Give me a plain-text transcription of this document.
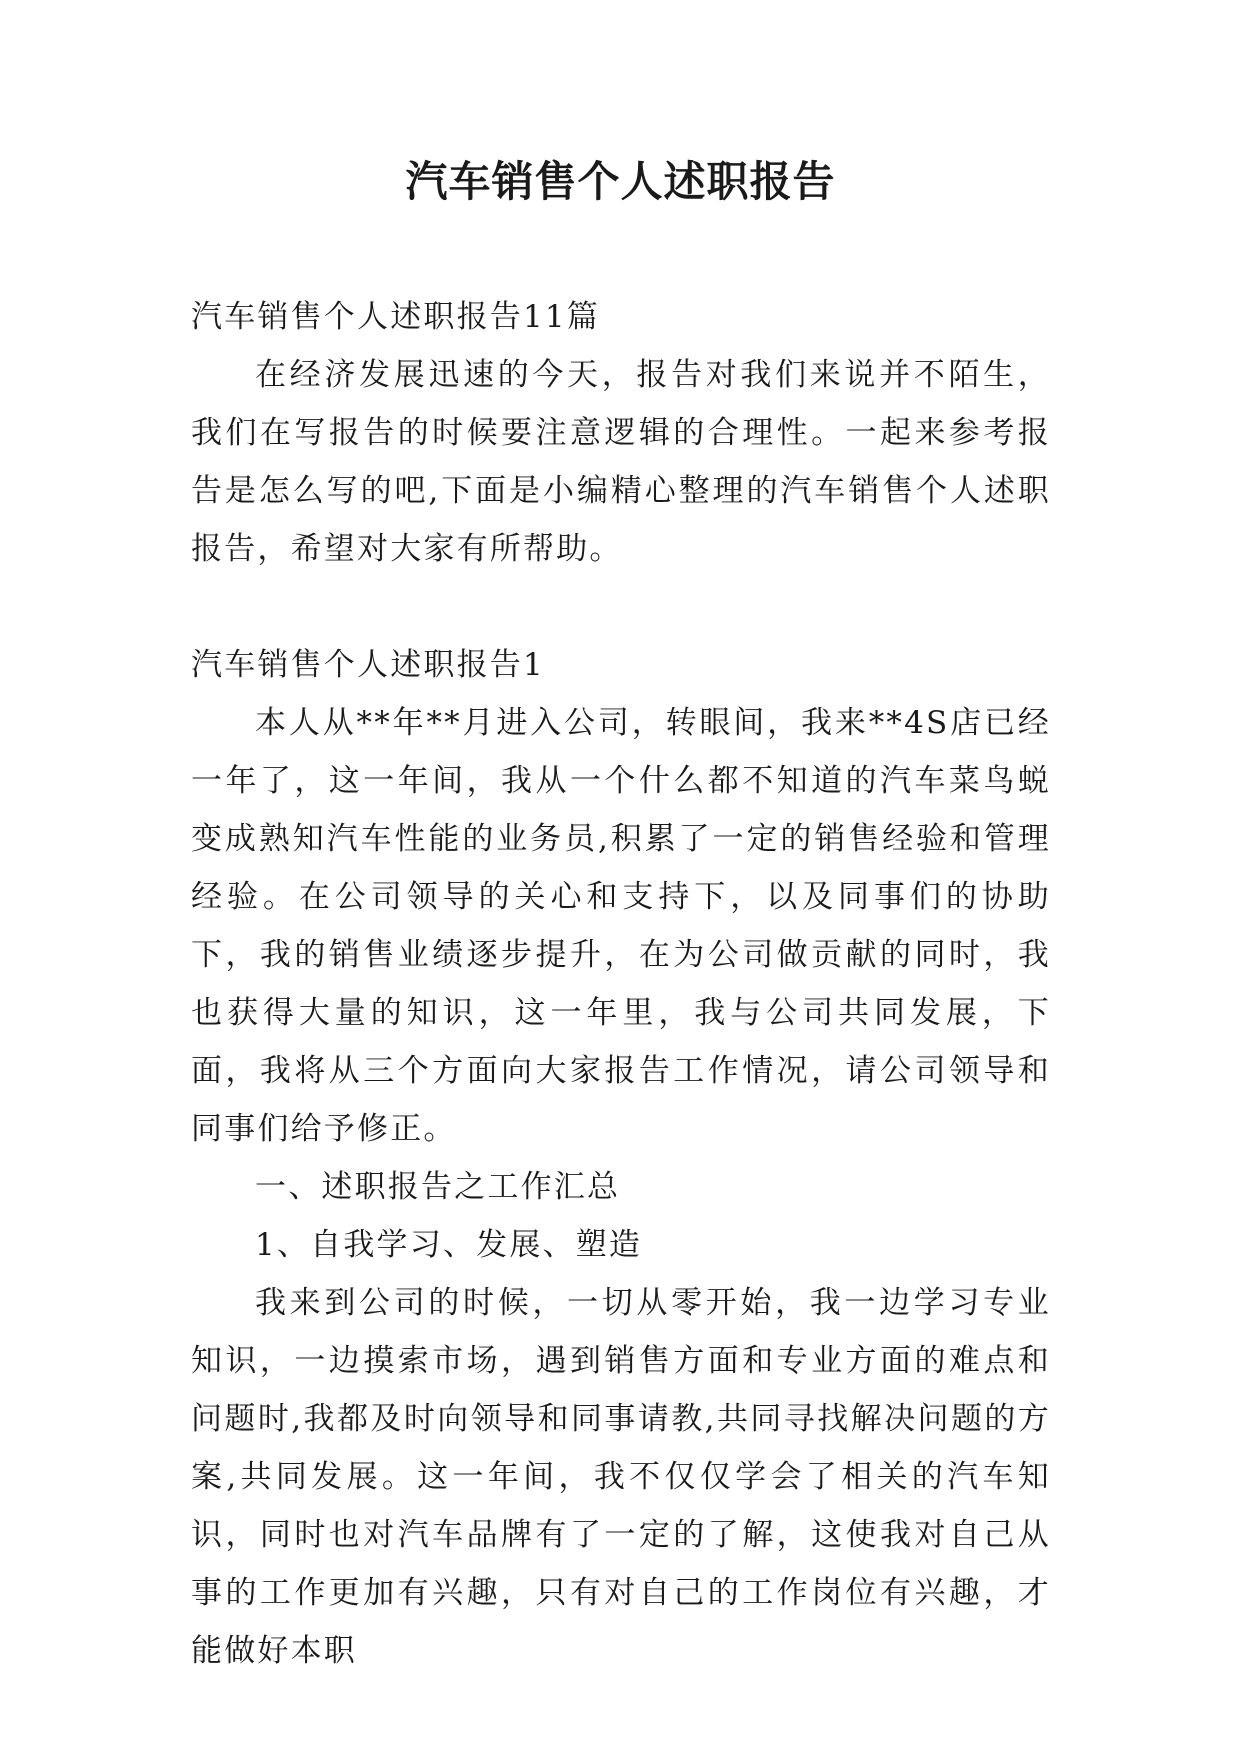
汽车销售个人述职报告

汽车销售个人述职报告11篇

在经济发展迅速的今天，报告对我们来说并不陌生，我们在写报告的时候要注意逻辑的合理性。一起来参考报告是怎么写的吧,下面是小编精心整理的汽车销售个人述职报告，希望对大家有所帮助。

汽车销售个人述职报告1

本人从**年**月进入公司，转眼间，我来**4S店已经一年了，这一年间，我从一个什么都不知道的汽车菜鸟蜕变成熟知汽车性能的业务员,积累了一定的销售经验和管理经验。在公司领导的关心和支持下，以及同事们的协助下，我的销售业绩逐步提升，在为公司做贡献的同时，我也获得大量的知识，这一年里，我与公司共同发展，下面，我将从三个方面向大家报告工作情况，请公司领导和同事们给予修正。

一、述职报告之工作汇总

1、自我学习、发展、塑造

我来到公司的时候，一切从零开始，我一边学习专业知识，一边摸索市场，遇到销售方面和专业方面的难点和问题时,我都及时向领导和同事请教,共同寻找解决问题的方案,共同发展。这一年间，我不仅仅学会了相关的汽车知识，同时也对汽车品牌有了一定的了解，这使我对自己从事的工作更加有兴趣，只有对自己的工作岗位有兴趣，才能做好本职
